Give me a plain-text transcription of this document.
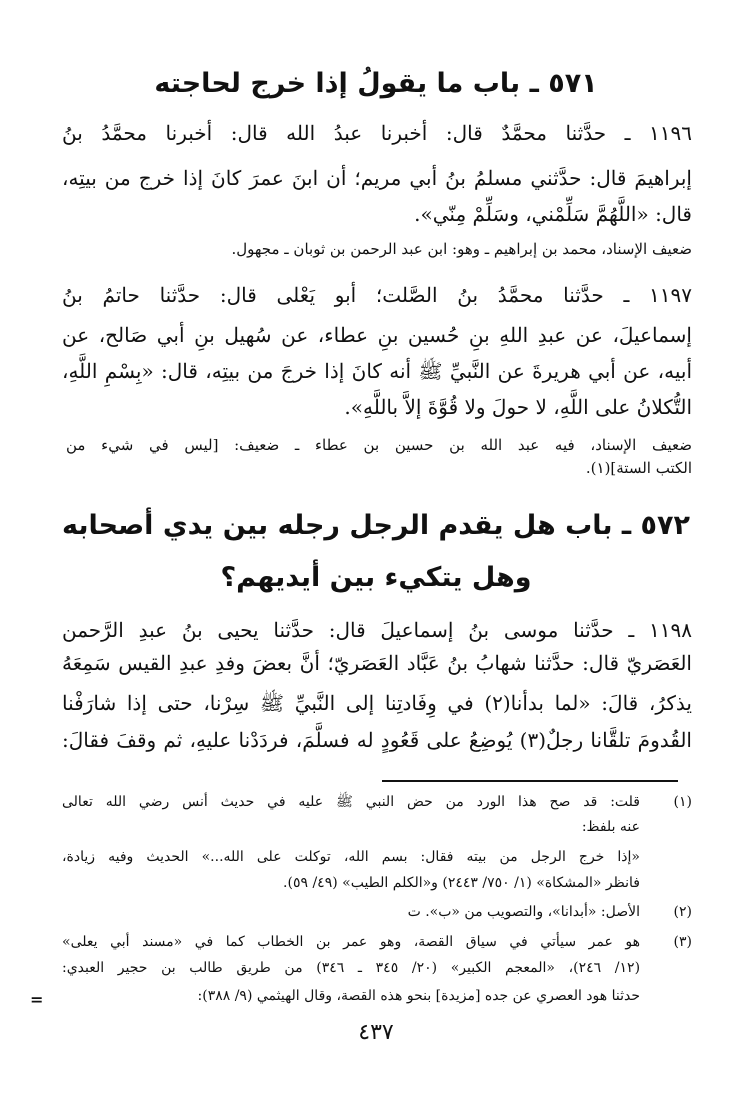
٥٧١ ـ باب ما يقولُ إذا خرج لحاجته
١١٩٦ ـ حدَّثنا محمَّدٌ قال: أخبرنا عبدُ الله قال: أخبرنا محمَّدُ بنُ
إبراهيمَ قال: حدَّثني مسلمُ بنُ أبي مريم؛ أن ابنَ عمرَ كانَ إذا خرج من بيتِه،
قال: «اللَّهُمَّ سَلِّمْني، وسَلِّمْ مِنّي».
ضعيف الإسناد، محمد بن إبراهيم ـ وهو: ابن عبد الرحمن بن ثوبان ـ مجهول.
١١٩٧ ـ حدَّثنا محمَّدُ بنُ الصَّلت؛ أبو يَعْلى قال: حدَّثنا حاتمُ بنُ
إسماعيلَ، عن عبدِ اللهِ بنِ حُسين بنِ عطاء، عن سُهيل بنِ أبي صَالح، عن
أبيه، عن أبي هريرةَ عن النَّبيِّ ﷺ أنه كانَ إذا خرجَ من بيتِه، قال: «بِسْمِ اللَّهِ،
التُّكلانُ على اللَّهِ، لا حولَ ولا قُوَّةَ إلاَّ باللَّهِ».
ضعيف الإسناد، فيه عبد الله بن حسين بن عطاء ـ ضعيف: [ليس في شيء من
الكتب الستة](١).
٥٧٢ ـ باب هل يقدم الرجل رجله بين يدي أصحابه
وهل يتكيء بين أيديهم؟
١١٩٨ ـ حدَّثنا موسى بنُ إسماعيلَ قال: حدَّثنا يحيى بنُ عبدِ الرَّحمن
العَصَريّ قال: حدَّثنا شهابُ بنُ عَبَّاد العَصَريّ؛ أنَّ بعضَ وفدِ عبدِ القيس سَمِعَهُ
يذكرُ، قالَ: «لما بدأنا(٢) في وِفَادتِنا إلى النَّبيِّ ﷺ سِرْنا، حتى إذا شارَفْنا
القُدومَ تلقَّانا رجلٌ(٣) يُوضِعُ على قَعُودٍ له فسلَّمَ، فردَدْنا عليهِ، ثم وقفَ فقالَ:
(١)
قلت: قد صح هذا الورد من حض النبي ﷺ عليه في حديث أنس رضي الله تعالى
عنه بلفظ:
«إذا خرج الرجل من بيته فقال: بسم الله، توكلت على الله...» الحديث وفيه زيادة،
فانظر «المشكاة» (١/ ٧٥٠/ ٢٤٤٣) و«الكلم الطيب» (٤٩/ ٥٩).
(٢)
الأصل: «أبدانا»، والتصويب من «ب». ت
(٣)
هو عمر سيأتي في سياق القصة، وهو عمر بن الخطاب كما في «مسند أبي يعلى»
(١٢/ ٢٤٦)، «المعجم الكبير» (٢٠/ ٣٤٥ ـ ٣٤٦) من طريق طالب بن حجير العبدي:
حدثنا هود العصري عن جده [مزيدة] بنحو هذه القصة، وقال الهيثمي (٩/ ٣٨٨):
=
٤٣٧
